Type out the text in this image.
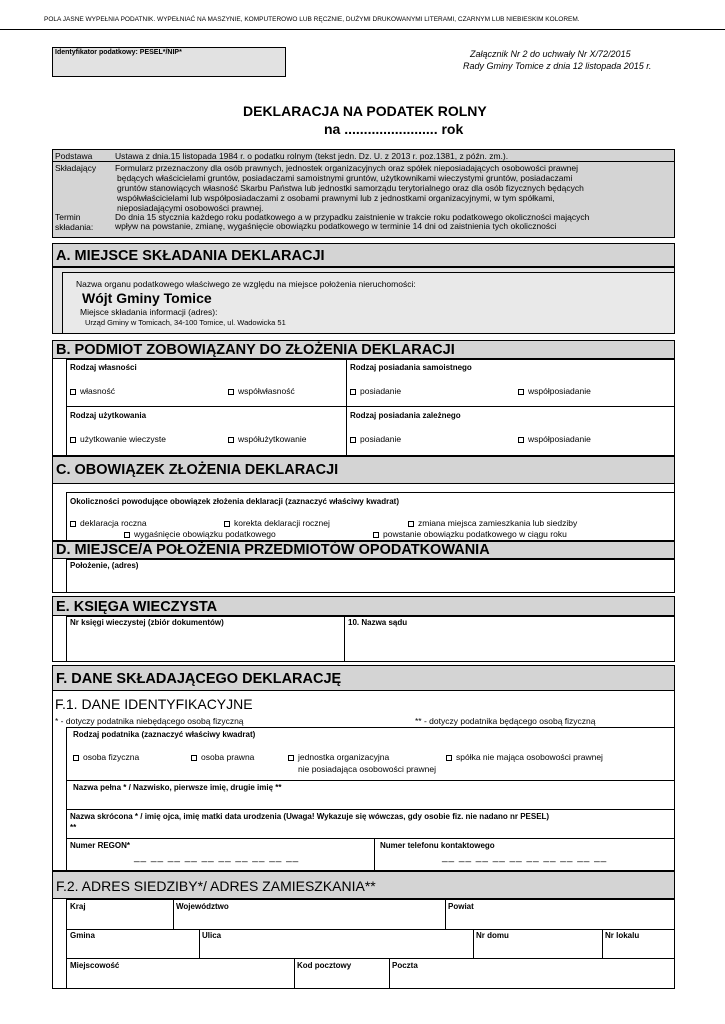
POLA JASNE WYPEŁNIA PODATNIK. WYPEŁNIAĆ NA MASZYNIE, KOMPUTEROWO LUB RĘCZNIE, DUŻYMI DRUKOWANYMI LITERAMI, CZARNYM LUB NIEBIESKIM KOLOREM.
Identyfikator podatkowy: PESEL*/NIP*	Załącznik Nr 2 do uchwały Nr X/72/2015
Rady Gminy Tomice z dnia 12 listopada 2015 r.
DEKLARACJA NA PODATEK ROLNY
na ........................ rok
Podstawa	Ustawa z dnia.15 listopada 1984 r. o podatku rolnym (tekst jedn. Dz. U. z 2013 r. poz.1381, z późn. zm.).
Składający Formularz przeznaczony dla osób prawnych, jednostek organizacyjnych oraz spółek nieposiadających osobowości prawnej
będących właścicielami gruntów, posiadaczami samoistnymi gruntów, użytkownikami wieczystymi gruntów, posiadaczami
gruntów stanowiących własność Skarbu Państwa lub jednostki samorządu terytorialnego oraz dla osób fizycznych będących
współwłaścicielami lub współposiadaczami z osobami prawnymi lub z jednostkami organizacyjnymi, w tym spółkami,
nieposiadającymi osobowości prawnej.
Termin
składania:
Do dnia 15 stycznia każdego roku podatkowego a w przypadku zaistnienie w trakcie roku podatkowego okoliczności mających
wpływ na powstanie, zmianę, wygaśnięcie obowiązku podatkowego w terminie 14 dni od zaistnienia tych okoliczności
A. MIEJSCE SKŁADANIA DEKLARACJI
Nazwa organu podatkowego właściwego ze względu na miejsce położenia nieruchomości:
Wójt Gminy Tomice
Miejsce składania informacji (adres):
Urząd Gminy w Tomicach, 34-100 Tomice, ul. Wadowicka 51
B. PODMIOT ZOBOWIĄZANY DO ZŁOŻENIA DEKLARACJI
Rodzaj własności
własność	współwłasność
Rodzaj posiadania samoistnego
posiadanie	współposiadanie
Rodzaj użytkowania
użytkowanie wieczyste	współużytkowanie
Rodzaj posiadania zależnego
posiadanie	współposiadanie
C. OBOWIĄZEK ZŁOŻENIA DEKLARACJI
Okoliczności powodujące obowiązek złożenia deklaracji (zaznaczyć właściwy kwadrat)
deklaracja roczna	korekta deklaracji rocznej	zmiana miejsca zamieszkania lub siedziby
wygaśnięcie obowiązku podatkowego	powstanie obowiązku podatkowego w ciągu roku
D. MIEJSCE/A POŁOŻENIA PRZEDMIOTÓW OPODATKOWANIA
Położenie, (adres)
E. KSIĘGA WIECZYSTA
Nr księgi wieczystej (zbiór dokumentów)	10. Nazwa sądu
F. DANE SKŁADAJĄCEGO DEKLARACJĘ
F.1. DANE IDENTYFIKACYJNE
* - dotyczy podatnika niebędącego osobą fizyczną	** - dotyczy podatnika będącego osobą fizyczną
Rodzaj podatnika (zaznaczyć właściwy kwadrat)
osoba fizyczna	osoba prawna	jednostka organizacyjna
nie posiadająca osobowości prawnej
spółka nie mająca osobowości prawnej
Nazwa pełna * / Nazwisko, pierwsze imię, drugie imię **
Nazwa skrócona * / imię ojca, imię matki data urodzenia (Uwaga! Wykazuje się wówczas, gdy osobie fiz. nie nadano nr PESEL)
**
Numer REGON*
__ __ __ __ __ __ __ __ __ __
Numer telefonu kontaktowego
__ __ __ __ __ __ __ __ __ __
F.2. ADRES SIEDZIBY*/ ADRES ZAMIESZKANIA**
Kraj	Województwo	Powiat
Gmina	Ulica	Nr domu	Nr lokalu
Miejscowość	Kod pocztowy	Poczta
